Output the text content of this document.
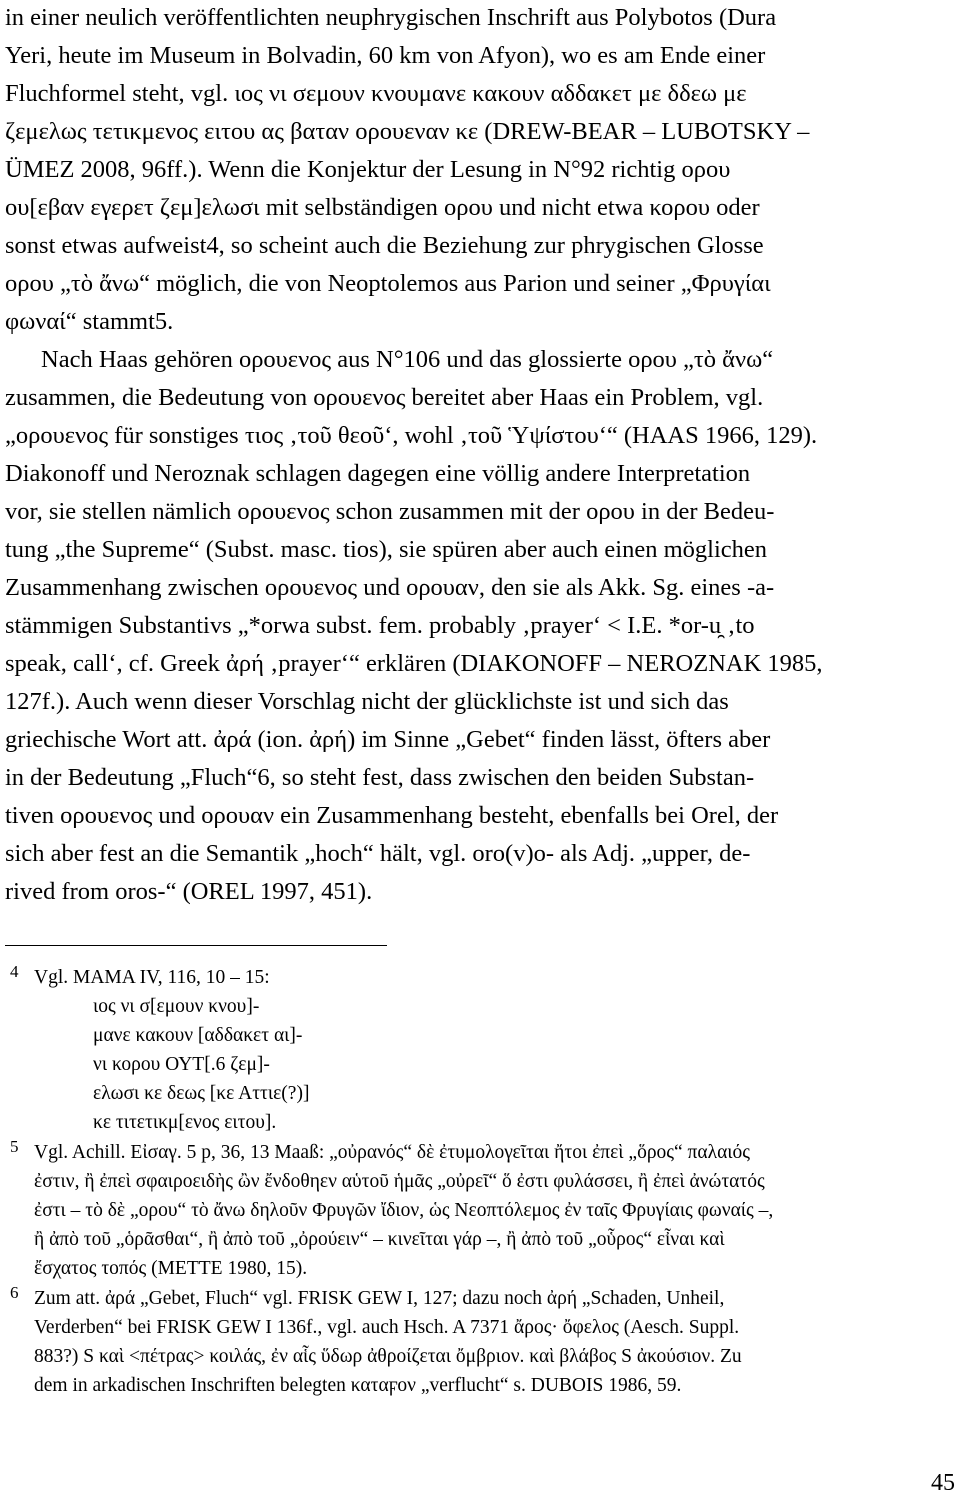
in einer neulich veröffentlichten neuphrygischen Inschrift aus Polybotos (Dura
Yeri, heute im Museum in Bolvadin, 60 km von Afyon), wo es am Ende einer
Fluchformel steht, vgl. ιος νι σεμουν κνουμανε κακουν αδδακετ με δδεω με
ζεμελως τετικμενος ειτου ας βαταν ορουεναν κε (DREW-BEAR – LUBOTSKY –
ÜMEZ 2008, 96ff.). Wenn die Konjektur der Lesung in N°92 richtig ορου
ου[εβαν εγερετ ζεμ]ελωσι mit selbständigen ορου und nicht etwa κορου oder
sonst etwas aufweist4, so scheint auch die Beziehung zur phrygischen Glosse
ορου „τὸ ἄνω“ möglich, die von Neoptolemos aus Parion und seiner „Φρυγίαι
φωναί“ stammt5.
Nach Haas gehören ορουενος aus N°106 und das glossierte ορου „τὸ ἄνω“
zusammen, die Bedeutung von ορουενος bereitet aber Haas ein Problem, vgl.
„ορουενος für sonstiges τιος ‚τοῦ θεοῦ‘, wohl ‚τοῦ Ὑψίστου‘“ (HAAS 1966, 129).
Diakonoff und Neroznak schlagen dagegen eine völlig andere Interpretation
vor, sie stellen nämlich ορουενος schon zusammen mit der ορου in der Bedeu-
tung „the Supreme“ (Subst. masc. tios), sie spüren aber auch einen möglichen
Zusammenhang zwischen ορουενος und ορουαν, den sie als Akk. Sg. eines -a-
stämmigen Substantivs „*orwa subst. fem. probably ‚prayer‘ < I.E. *or-u̯ ‚to
speak, call‘, cf. Greek ἀρή ‚prayer‘“ erklären (DIAKONOFF – NEROZNAK 1985,
127f.). Auch wenn dieser Vorschlag nicht der glücklichste ist und sich das
griechische Wort att. ἀρά (ion. ἀρή) im Sinne „Gebet“ finden lässt, öfters aber
in der Bedeutung „Fluch“6, so steht fest, dass zwischen den beiden Substan-
tiven ορουενος und ορουαν ein Zusammenhang besteht, ebenfalls bei Orel, der
sich aber fest an die Semantik „hoch“ hält, vgl. oro(v)o- als Adj. „upper, de-
rived from oros-“ (OREL 1997, 451).
4 Vgl. MAMA IV, 116, 10 – 15:
ιος νι σ[εμουν κνου]-
μανε κακουν [αδδακετ αι]-
νι κορου ΟΥΤ[.6 ζεμ]-
ελωσι κε δεως [κε Αττιε(?)]
κε τιτετικμ[ενος ειτου].
5 Vgl. Achill. Εἰσαγ. 5 p, 36, 13 Maaß: „οὐρανός“ δὲ ἐτυμολογεῖται ἤτοι ἐπεὶ „ὅρος“ παλαιός
ἐστιν, ἢ ἐπεὶ σφαιροειδὴς ὢν ἔνδοθηεν αὑτοῦ ἡμᾶς „οὐρεῖ“ ὅ ἐστι φυλάσσει, ἢ ἐπεὶ ἀνώτατός
ἐστι – τὸ δὲ „ορου“ τὸ ἄνω δηλοῦν Φρυγῶν ἴδιον, ὡς Νεοπτόλεμος ἐν ταῖς Φρυγίαις φωναίς –,
ἢ ἀπὸ τοῦ „ὁρᾶσθαι“, ἢ ἀπὸ τοῦ „ὀρούειν“ – κινεῖται γάρ –, ἢ ἀπὸ τοῦ „οὗρος“ εἶναι καὶ
ἔσχατος τοπός (METTE 1980, 15).
6 Zum att. ἀρά „Gebet, Fluch“ vgl. FRISK GEW I, 127; dazu noch ἀρή „Schaden, Unheil,
Verderben“ bei FRISK GEW I 136f., vgl. auch Hsch. A 7371 ἄρος· ὄφελος (Aesch. Suppl.
883?) S καὶ <πέτρας> κοιλάς, ἐν αἷς ὕδωρ ἀθροίζεται ὄμβριον. καὶ βλάβος S ἀκούσιον. Zu
dem in arkadischen Inschriften belegten καταϝον „verflucht“ s. DUBOIS 1986, 59.
45
